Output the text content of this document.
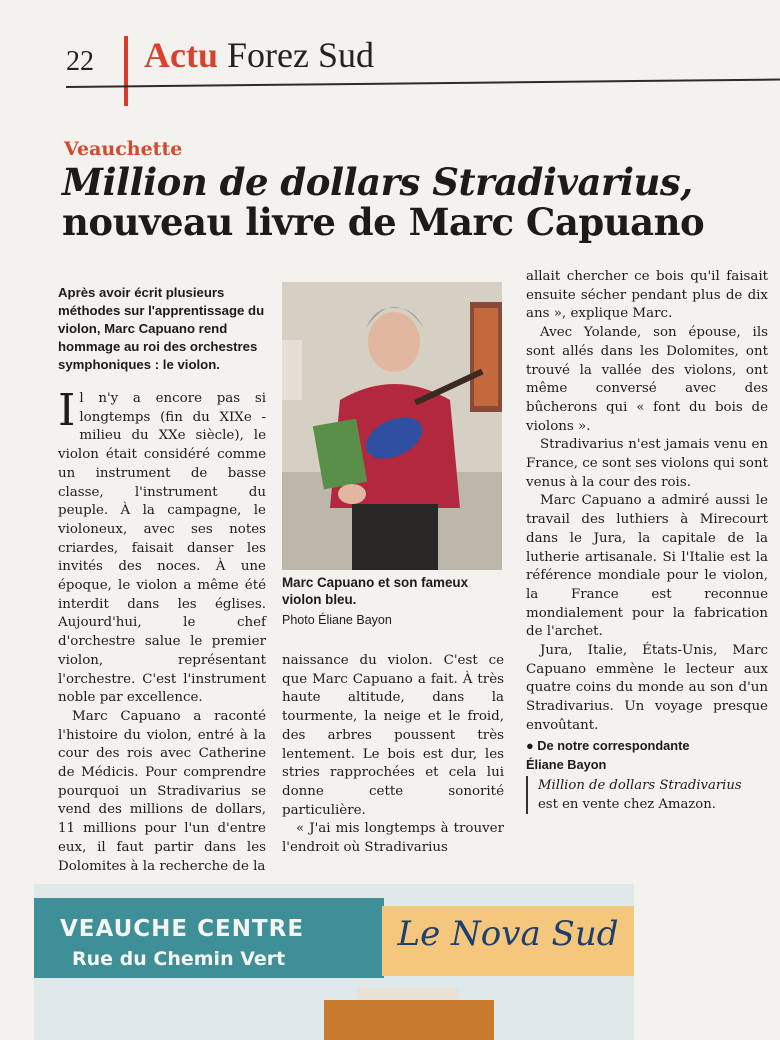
22 Actu Forez Sud
Veauchette
Million de dollars Stradivarius,
nouveau livre de Marc Capuano
Après avoir écrit plusieurs méthodes sur l'apprentissage du violon, Marc Capuano rend hommage au roi des orchestres symphoniques : le violon.

Il n'y a encore pas si longtemps (fin du XIXe - milieu du XXe siècle), le violon était considéré comme un instrument de basse classe, l'instrument du peuple. À la campagne, le violoneux, avec ses notes criardes, faisait danser les invités des noces. À une époque, le violon a même été interdit dans les églises. Aujourd'hui, le chef d'orchestre salue le premier violon, représentant l'orchestre. C'est l'instrument noble par excellence.

Marc Capuano a raconté l'histoire du violon, entré à la cour des rois avec Catherine de Médicis. Pour comprendre pourquoi un Stradivarius se vend des millions de dollars, 11 millions pour l'un d'entre eux, il faut partir dans les Dolomites à la recherche de la

Marc Capuano et son fameux violon bleu.
Photo Éliane Bayon

naissance du violon. C'est ce que Marc Capuano a fait. À très haute altitude, dans la tourmente, la neige et le froid, des arbres poussent très lentement. Le bois est dur, les stries rapprochées et cela lui donne cette sonorité particulière.

« J'ai mis longtemps à trouver l'endroit où Stradivarius

allait chercher ce bois qu'il faisait ensuite sécher pendant plus de dix ans », explique Marc.

Avec Yolande, son épouse, ils sont allés dans les Dolomites, ont trouvé la vallée des violons, ont même conversé avec des bûcherons qui « font du bois de violons ».

Stradivarius n'est jamais venu en France, ce sont ses violons qui sont venus à la cour des rois.

Marc Capuano a admiré aussi le travail des luthiers à Mirecourt dans le Jura, la capitale de la lutherie artisanale. Si l'Italie est la référence mondiale pour le violon, la France est reconnue mondialement pour la fabrication de l'archet.

Jura, Italie, États-Unis, Marc Capuano emmène le lecteur aux quatre coins du monde au son d'un Stradivarius. Un voyage presque envoûtant.

● De notre correspondante
Éliane Bayon
Million de dollars Stradivarius
est en vente chez Amazon.
VEAUCHE CENTRE
Rue du Chemin Vert
Le Nova Sud
